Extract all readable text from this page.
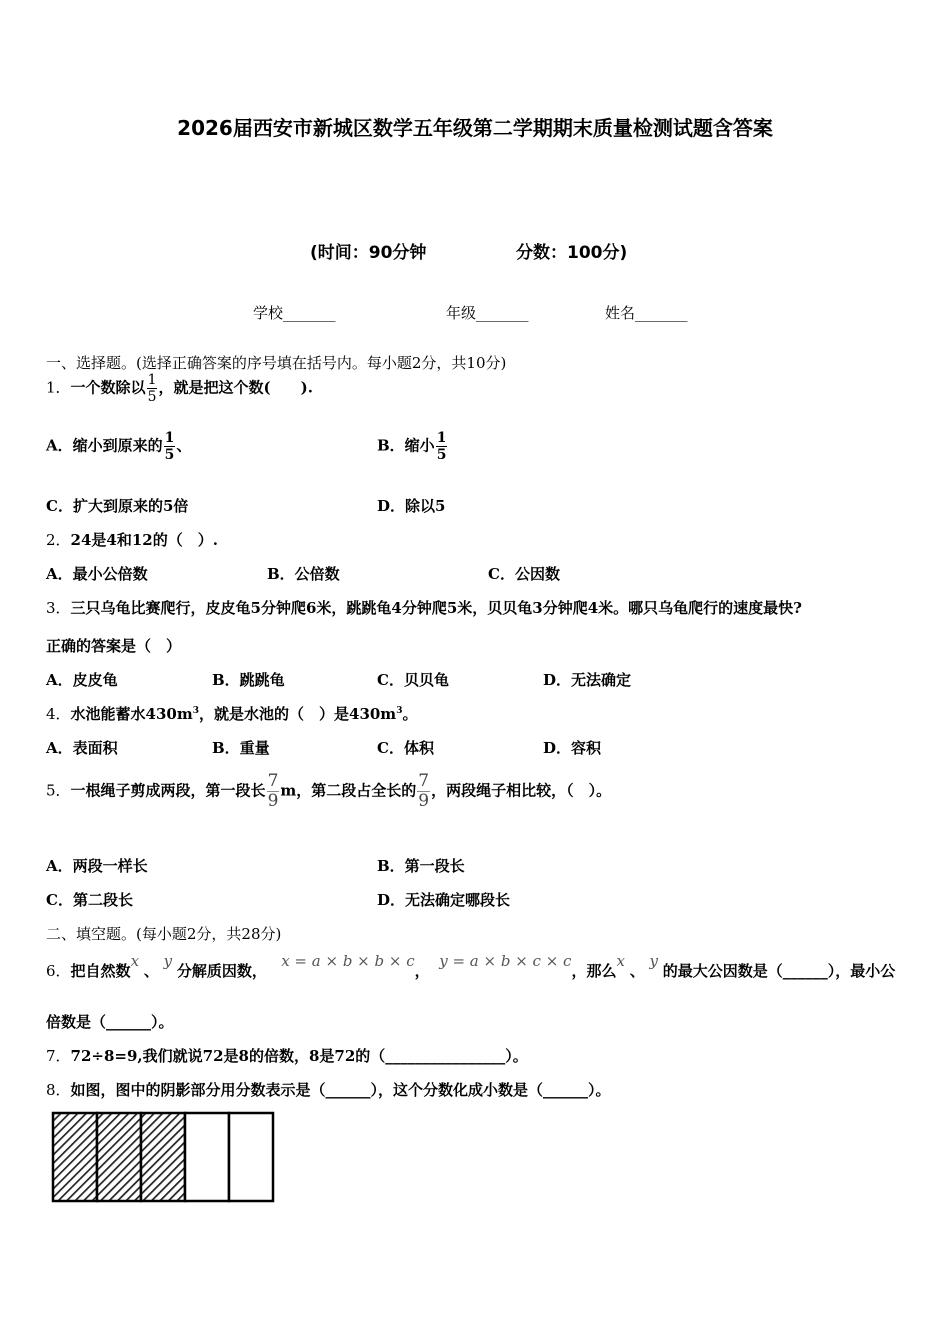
2026届西安市新城区数学五年级第二学期期末质量检测试题含答案
(时间：90分钟	分数：100分)
学校_______	年级_______	姓名_______
一、选择题。(选择正确答案的序号填在括号内。每小题2分，共10分)
1．一个数除以 $\frac{1}{5}$ ，就是把这个数( ).
A．缩小到原来的 $\frac{1}{5}$ 、	B．缩小 $\frac{1}{5}$
C．扩大到原来的5倍	D．除以5
2．24是4和12的（　）.
A．最小公倍数	B．公倍数	C．公因数
3．三只乌龟比赛爬行，皮皮龟5分钟爬6米，跳跳龟4分钟爬5米，贝贝龟3分钟爬4米。哪只乌龟爬行的速度最快?
正确的答案是（　）
A．皮皮龟	B．跳跳龟	C．贝贝龟	D．无法确定
4．水池能蓄水$430m^3$，就是水池的（　）是$430m^3$。
A．表面积	B．重量	C．体积	D．容积
5．一根绳子剪成两段，第一段长 $\frac{7}{9}$ m，第二段占全长的 $\frac{7}{9}$ ，两段绳子相比较，（　）。
A．两段一样长	B．第一段长
C．第二段长	D．无法确定哪段长
二、填空题。(每小题2分，共28分)
6．把自然数x 、 y 分解质因数，   x = a × b × b × c，  y = a × b × c × c，那么x 、 y 的最大公因数是（______），最小公
倍数是（______）。
7．72÷8=9,我们就说72是8的倍数，8是72的（________________）。
8．如图，图中的阴影部分用分数表示是（______），这个分数化成小数是（______）。
